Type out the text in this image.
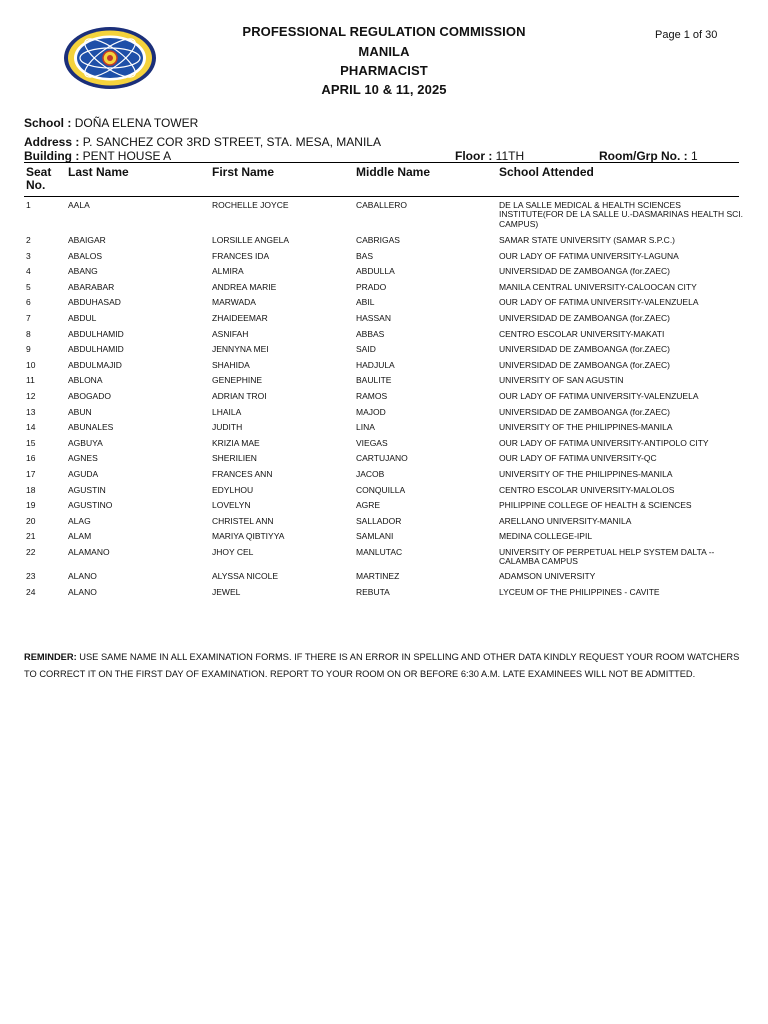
PROFESSIONAL REGULATION COMMISSION
MANILA
PHARMACIST
APRIL 10 & 11, 2025
Page 1 of 30
School : DOÑA ELENA TOWER
Address : P. SANCHEZ COR 3RD STREET, STA. MESA, MANILA
Building : PENT HOUSE A	Floor : 11TH	Room/Grp No. : 1
Seat
No.
Last Name	First Name	Middle Name	School Attended
1	AALA	ROCHELLE JOYCE	CABALLERO	DE LA SALLE MEDICAL & HEALTH SCIENCES INSTITUTE(FOR DE LA SALLE U.-DASMARINAS HEALTH SCI. CAMPUS)
2	ABAIGAR	LORSILLE ANGELA	CABRIGAS	SAMAR STATE UNIVERSITY (SAMAR S.P.C.)
3	ABALOS	FRANCES IDA	BAS	OUR LADY OF FATIMA UNIVERSITY-LAGUNA
4	ABANG	ALMIRA	ABDULLA	UNIVERSIDAD DE ZAMBOANGA (for.ZAEC)
5	ABARABAR	ANDREA MARIE	PRADO	MANILA CENTRAL UNIVERSITY-CALOOCAN CITY
6	ABDUHASAD	MARWADA	ABIL	OUR LADY OF FATIMA UNIVERSITY-VALENZUELA
7	ABDUL	ZHAIDEEMAR	HASSAN	UNIVERSIDAD DE ZAMBOANGA (for.ZAEC)
8	ABDULHAMID	ASNIFAH	ABBAS	CENTRO ESCOLAR UNIVERSITY-MAKATI
9	ABDULHAMID	JENNYNA MEI	SAID	UNIVERSIDAD DE ZAMBOANGA (for.ZAEC)
10	ABDULMAJID	SHAHIDA	HADJULA	UNIVERSIDAD DE ZAMBOANGA (for.ZAEC)
11	ABLONA	GENEPHINE	BAULITE	UNIVERSITY OF SAN AGUSTIN
12	ABOGADO	ADRIAN TROI	RAMOS	OUR LADY OF FATIMA UNIVERSITY-VALENZUELA
13	ABUN	LHAILA	MAJOD	UNIVERSIDAD DE ZAMBOANGA (for.ZAEC)
14	ABUNALES	JUDITH	LINA	UNIVERSITY OF THE PHILIPPINES-MANILA
15	AGBUYA	KRIZIA MAE	VIEGAS	OUR LADY OF FATIMA UNIVERSITY-ANTIPOLO CITY
16	AGNES	SHERILIEN	CARTUJANO	OUR LADY OF FATIMA UNIVERSITY-QC
17	AGUDA	FRANCES ANN	JACOB	UNIVERSITY OF THE PHILIPPINES-MANILA
18	AGUSTIN	EDYLHOU	CONQUILLA	CENTRO ESCOLAR UNIVERSITY-MALOLOS
19	AGUSTINO	LOVELYN	AGRE	PHILIPPINE COLLEGE OF HEALTH & SCIENCES
20	ALAG	CHRISTEL ANN	SALLADOR	ARELLANO UNIVERSITY-MANILA
21	ALAM	MARIYA QIBTIYYA	SAMLANI	MEDINA COLLEGE-IPIL
22	ALAMANO	JHOY CEL	MANLUTAC	UNIVERSITY OF PERPETUAL HELP SYSTEM DALTA -- CALAMBA CAMPUS
23	ALANO	ALYSSA NICOLE	MARTINEZ	ADAMSON UNIVERSITY
24	ALANO	JEWEL	REBUTA	LYCEUM OF THE PHILIPPINES - CAVITE
REMINDER: USE SAME NAME IN ALL EXAMINATION FORMS. IF THERE IS AN ERROR IN SPELLING AND OTHER DATA KINDLY REQUEST YOUR ROOM WATCHERS TO CORRECT IT ON THE FIRST DAY OF EXAMINATION. REPORT TO YOUR ROOM ON OR BEFORE 6:30 A.M. LATE EXAMINEES WILL NOT BE ADMITTED.
